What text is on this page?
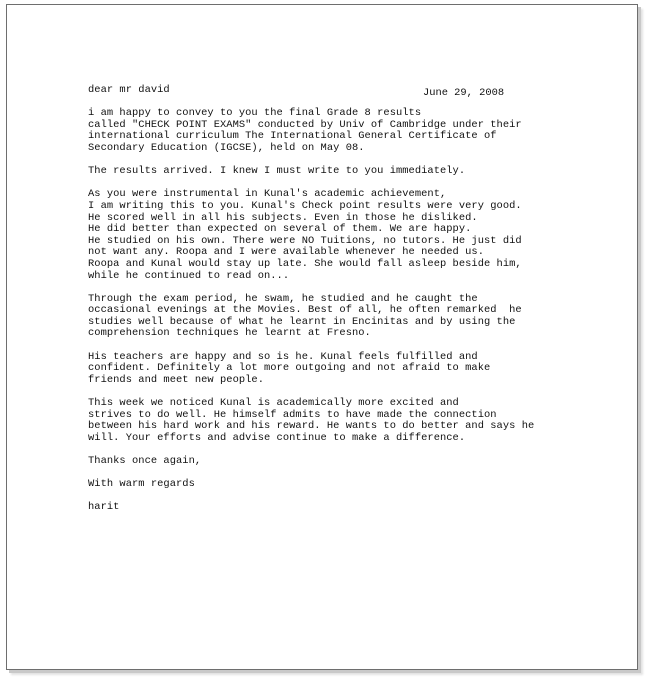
June 29, 2008

dear mr david

i am happy to convey to you the final Grade 8 results

called "CHECK POINT EXAMS" conducted by Univ of Cambridge under their

international curriculum The International General Certificate of

Secondary Education (IGCSE), held on May 08.

The results arrived. I knew I must write to you immediately.

As you were instrumental in Kunal's academic achievement,

I am writing this to you. Kunal's Check point results were very good.

He scored well in all his subjects. Even in those he disliked.

He did better than expected on several of them. We are happy.

He studied on his own. There were NO Tuitions, no tutors. He just did

not want any. Roopa and I were available whenever he needed us.

Roopa and Kunal would stay up late. She would fall asleep beside him,

while he continued to read on...

Through the exam period, he swam, he studied and he caught the

occasional evenings at the Movies. Best of all, he often remarked  he

studies well because of what he learnt in Encinitas and by using the

comprehension techniques he learnt at Fresno.

His teachers are happy and so is he. Kunal feels fulfilled and

confident. Definitely a lot more outgoing and not afraid to make

friends and meet new people.

This week we noticed Kunal is academically more excited and

strives to do well. He himself admits to have made the connection

between his hard work and his reward. He wants to do better and says he

will. Your efforts and advise continue to make a difference.

Thanks once again,

With warm regards

harit
